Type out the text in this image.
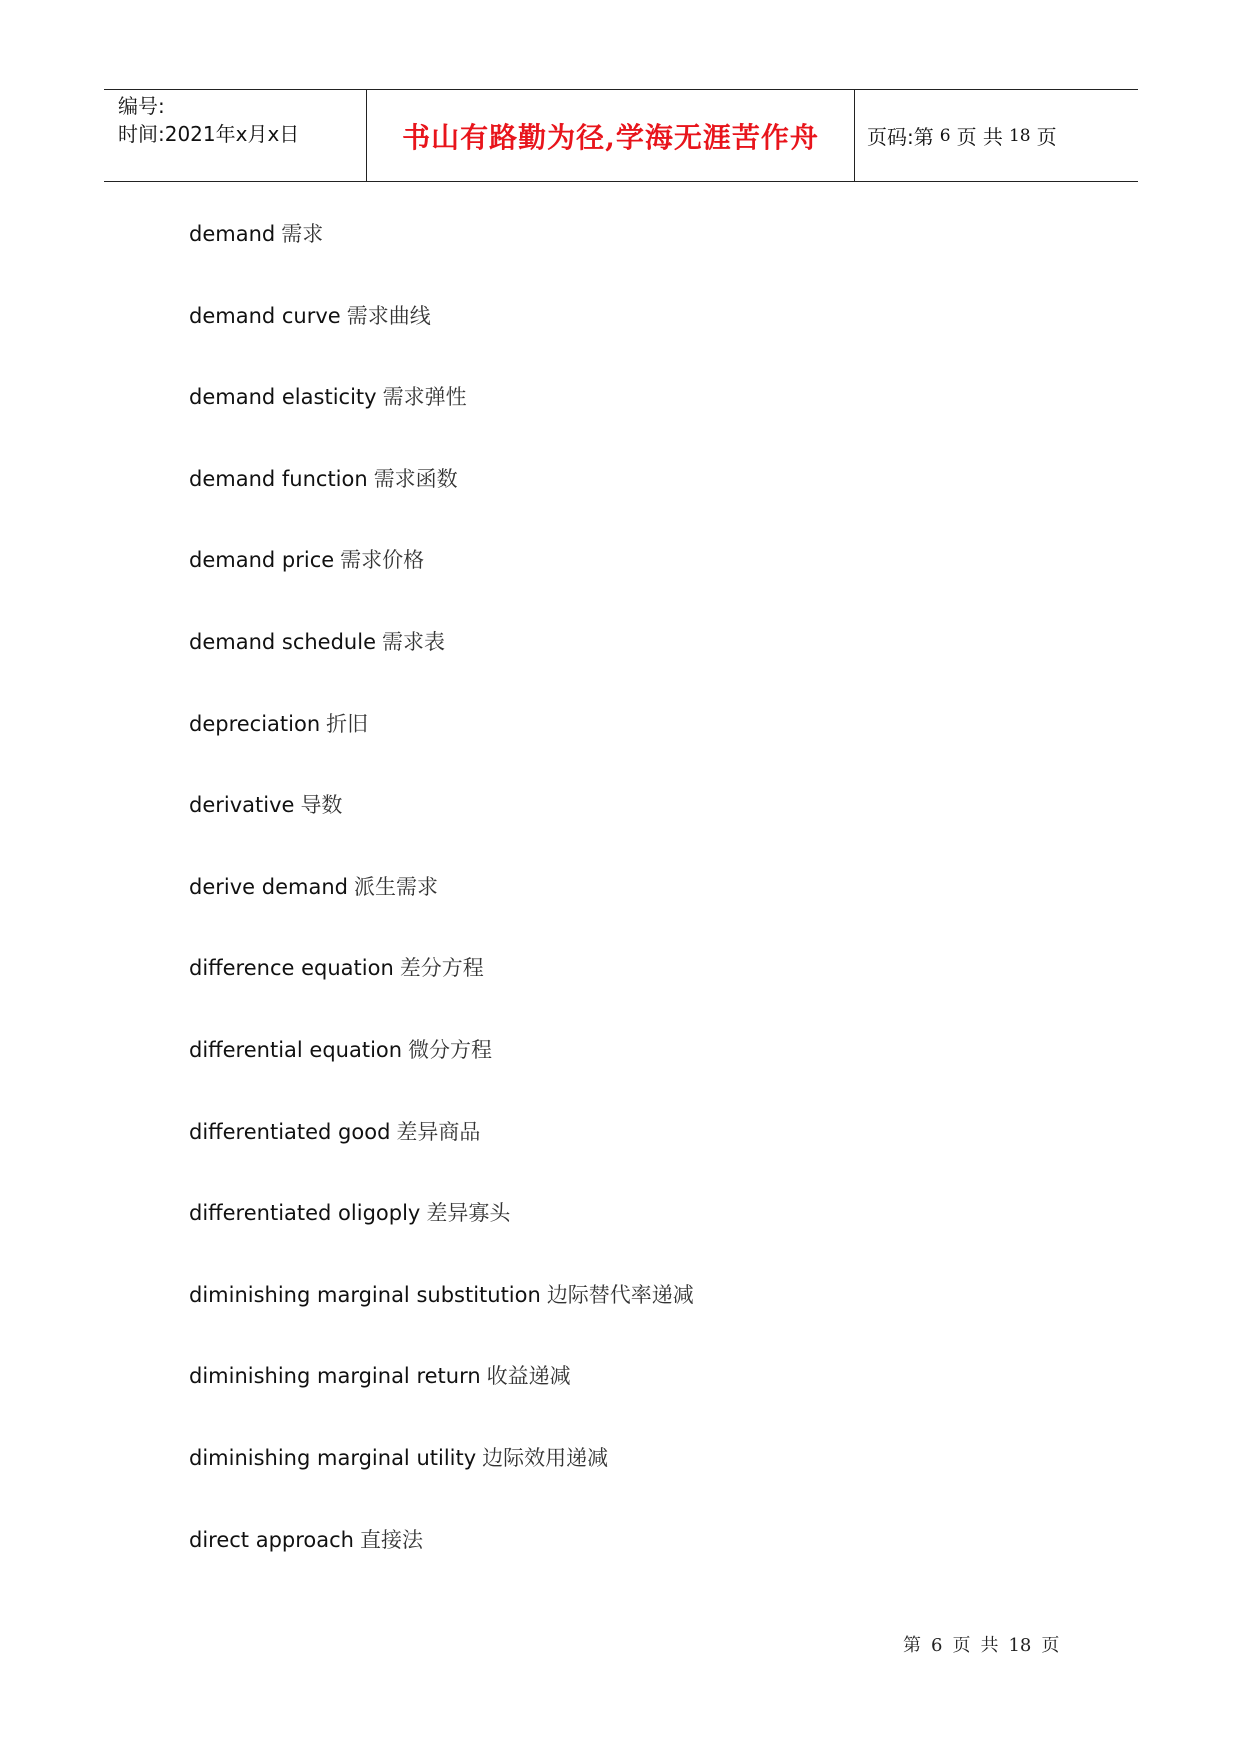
编号:
时间:2021年x月x日	书山有路勤为径,学海无涯苦作舟	页码:第 6 页 共 18 页
demand 需求
demand curve 需求曲线
demand elasticity 需求弹性
demand function 需求函数
demand price 需求价格
demand schedule 需求表
depreciation 折旧
derivative 导数
derive demand 派生需求
difference equation 差分方程
differential equation 微分方程
differentiated good 差异商品
differentiated oligoply 差异寡头
diminishing marginal substitution 边际替代率递减
diminishing marginal return 收益递减
diminishing marginal utility 边际效用递减
direct approach 直接法
第 6 页 共 18 页
